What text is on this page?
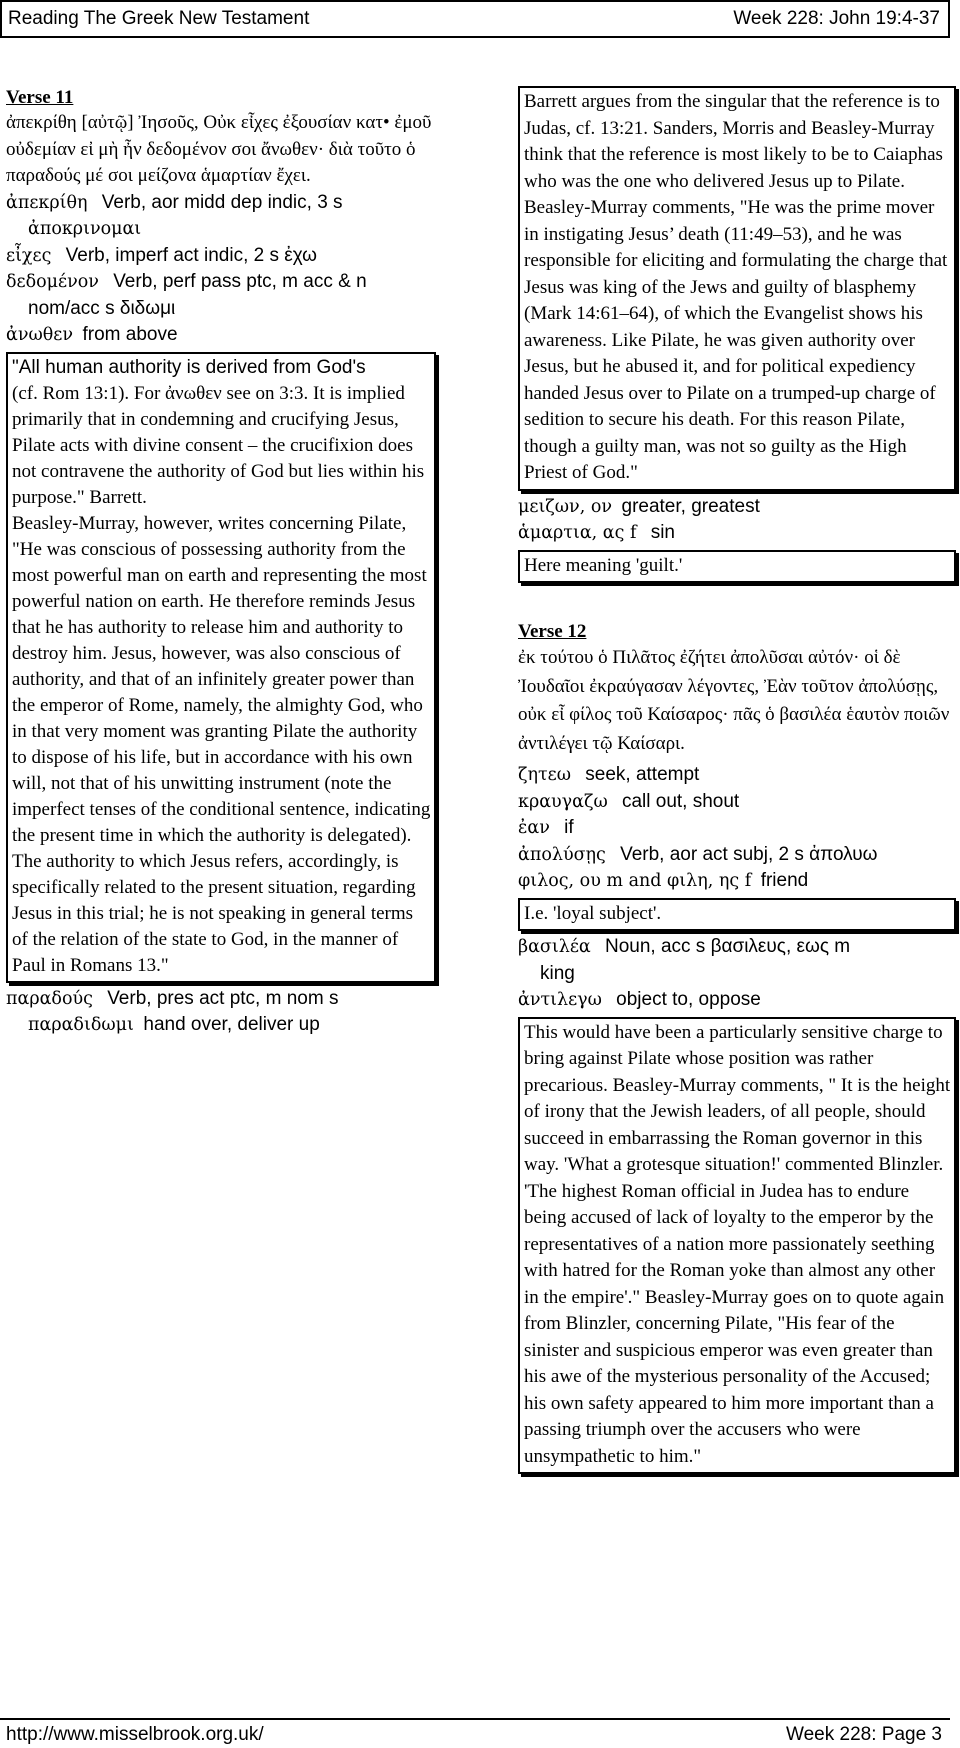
Reading The Greek New Testament	Week 228: John 19:4-37
Verse 11
ἀπεκρίθη [αὐτῷ] Ἰησοῦς, Οὐκ εἶχες ἐξουσίαν κατ• ἐμοῦ οὐδεμίαν εἰ μὴ ἦν δεδομένον σοι ἄνωθεν· διὰ τοῦτο ὁ παραδούς μέ σοι μείζονα ἁμαρτίαν ἔχει.
ἀπεκρίθη Verb, aor midd dep indic, 3 s
ἀποκρινομαι
εἶχες Verb, imperf act indic, 2 s ἐχω
δεδομένον Verb, perf pass ptc, m acc & n
nom/acc s διδωμι
ἀνωθεν from above
"All human authority is derived from God's
(cf. Rom 13:1). For ἀνωθεν see on 3:3. It is implied primarily that in condemning and crucifying Jesus, Pilate acts with divine consent – the crucifixion does not contravene the authority of God but lies within his purpose." Barrett.
Beasley-Murray, however, writes concerning Pilate, "He was conscious of possessing authority from the most powerful man on earth and representing the most powerful nation on earth. He therefore reminds Jesus that he has authority to release him and authority to destroy him. Jesus, however, was also conscious of authority, and that of an infinitely greater power than the emperor of Rome, namely, the almighty God, who in that very moment was granting Pilate the authority to dispose of his life, but in accordance with his own will, not that of his unwitting instrument (note the imperfect tenses of the conditional sentence, indicating the present time in which the authority is delegated). The authority to which Jesus refers, accordingly, is specifically related to the present situation, regarding Jesus in this trial; he is not speaking in general terms of the relation of the state to God, in the manner of Paul in Romans 13."
παραδούς Verb, pres act ptc, m nom s
παραδιδωμι hand over, deliver up
Barrett argues from the singular that the reference is to Judas, cf. 13:21. Sanders, Morris and Beasley-Murray think that the reference is most likely to be to Caiaphas who was the one who delivered Jesus up to Pilate. Beasley-Murray comments, "He was the prime mover in instigating Jesus’ death (11:49–53), and he was responsible for eliciting and formulating the charge that Jesus was king of the Jews and guilty of blasphemy (Mark 14:61–64), of which the Evangelist shows his awareness. Like Pilate, he was given authority over Jesus, but he abused it, and for political expediency handed Jesus over to Pilate on a trumped-up charge of sedition to secure his death. For this reason Pilate, though a guilty man, was not so guilty as the High Priest of God."
μειζων, ον greater, greatest
ἁμαρτια, ας f sin
Here meaning 'guilt.'
Verse 12
ἐκ τούτου ὁ Πιλᾶτος ἐζήτει ἀπολῦσαι αὐτόν· οἱ δὲ Ἰουδαῖοι ἐκραύγασαν λέγοντες, Ἐὰν τοῦτον ἀπολύσῃς, οὐκ εἶ φίλος τοῦ Καίσαρος· πᾶς ὁ βασιλέα ἑαυτὸν ποιῶν ἀντιλέγει τῷ Καίσαρι.
ζητεω seek, attempt
κραυγαζω call out, shout
ἐαν if
ἀπολύσῃς Verb, aor act subj, 2 s ἀπολυω
φιλος, ου m and φιλη, ης f friend
I.e. 'loyal subject'.
βασιλέα Noun, acc s βασιλευς, εως m
king
ἀντιλεγω object to, oppose
This would have been a particularly sensitive charge to bring against Pilate whose position was rather precarious. Beasley-Murray comments, " It is the height of irony that the Jewish leaders, of all people, should succeed in embarrassing the Roman governor in this way. 'What a grotesque situation!' commented Blinzler. 'The highest Roman official in Judea has to endure being accused of lack of loyalty to the emperor by the representatives of a nation more passionately seething with hatred for the Roman yoke than almost any other in the empire'." Beasley-Murray goes on to quote again from Blinzler, concerning Pilate, "His fear of the sinister and suspicious emperor was even greater than his awe of the mysterious personality of the Accused; his own safety appeared to him more important than a passing triumph over the accusers who were unsympathetic to him."
http://www.misselbrook.org.uk/	Week 228: Page 3
